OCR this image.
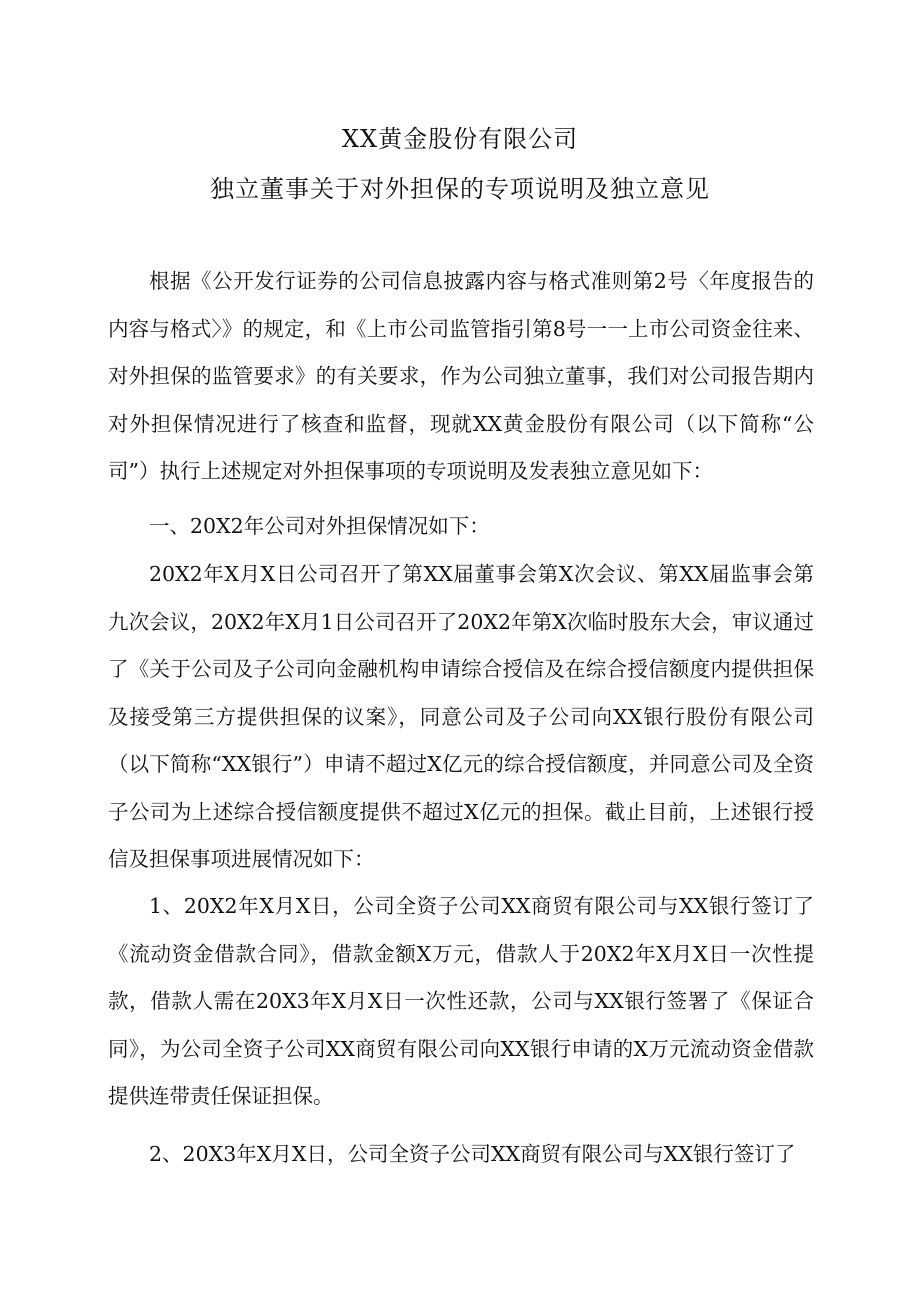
XX黄金股份有限公司
独立董事关于对外担保的专项说明及独立意见

根据《公开发行证券的公司信息披露内容与格式准则第2号〈年度报告的内容与格式〉》的规定，和《上市公司监管指引第8号一一上市公司资金往来、对外担保的监管要求》的有关要求，作为公司独立董事，我们对公司报告期内对外担保情况进行了核查和监督，现就XX黄金股份有限公司（以下简称“公司”）执行上述规定对外担保事项的专项说明及发表独立意见如下：

一、20X2年公司对外担保情况如下：

20X2年X月X日公司召开了第XX届董事会第X次会议、第XX届监事会第九次会议，20X2年X月1日公司召开了20X2年第X次临时股东大会，审议通过了《关于公司及子公司向金融机构申请综合授信及在综合授信额度内提供担保及接受第三方提供担保的议案》，同意公司及子公司向XX银行股份有限公司（以下简称“XX银行”）申请不超过X亿元的综合授信额度，并同意公司及全资子公司为上述综合授信额度提供不超过X亿元的担保。截止目前，上述银行授信及担保事项进展情况如下：

1、20X2年X月X日，公司全资子公司XX商贸有限公司与XX银行签订了《流动资金借款合同》，借款金额X万元，借款人于20X2年X月X日一次性提款，借款人需在20X3年X月X日一次性还款，公司与XX银行签署了《保证合同》，为公司全资子公司XX商贸有限公司向XX银行申请的X万元流动资金借款提供连带责任保证担保。

2、20X3年X月X日，公司全资子公司XX商贸有限公司与XX银行签订了
